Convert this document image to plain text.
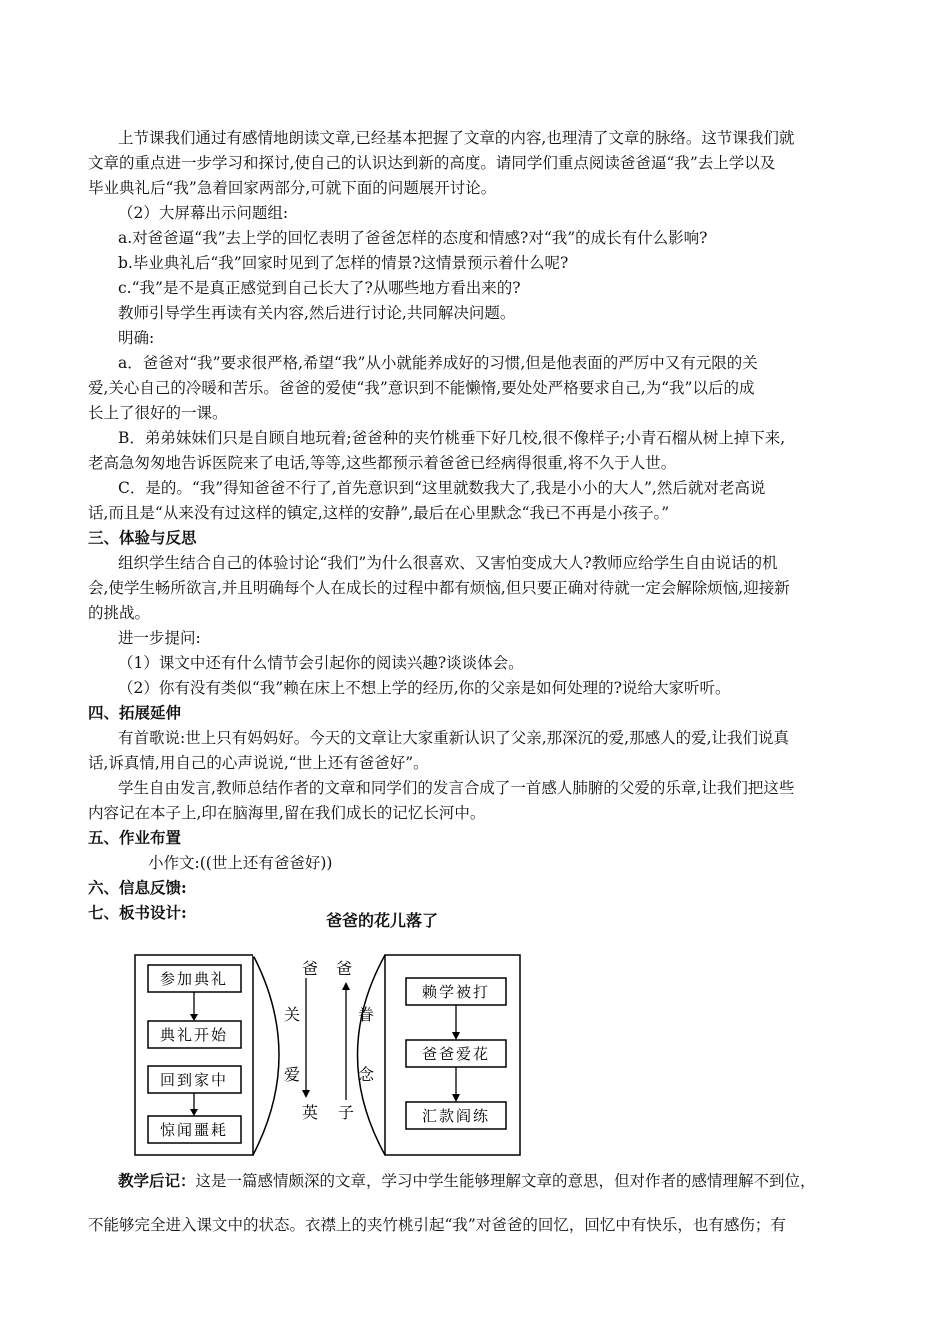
上节课我们通过有感情地朗读文章,已经基本把握了文章的内容,也理清了文章的脉络。这节课我们就
文章的重点进一步学习和探讨,使自己的认识达到新的高度。请同学们重点阅读爸爸逼“我”去上学以及
毕业典礼后“我”急着回家两部分,可就下面的问题展开讨论。
（2）大屏幕出示问题组:
a.对爸爸逼“我”去上学的回忆表明了爸爸怎样的态度和情感?对“我”的成长有什么影响?
b.毕业典礼后“我”回家时见到了怎样的情景?这情景预示着什么呢?
c.“我”是不是真正感觉到自己长大了?从哪些地方看出来的?
教师引导学生再读有关内容,然后进行讨论,共同解决问题。
明确:
a．爸爸对“我”要求很严格,希望“我”从小就能养成好的习惯,但是他表面的严厉中又有元限的关
爱,关心自己的冷暖和苦乐。爸爸的爱使“我”意识到不能懒惰,要处处严格要求自己,为“我”以后的成
长上了很好的一课。
B．弟弟妹妹们只是自顾自地玩着;爸爸种的夹竹桃垂下好几校,很不像样子;小青石榴从树上掉下来,
老高急匆匆地告诉医院来了电话,等等,这些都预示着爸爸已经病得很重,将不久于人世。
C．是的。“我”得知爸爸不行了,首先意识到“这里就数我大了,我是小小的大人”,然后就对老高说
话,而且是“从来没有过这样的镇定,这样的安静”,最后在心里默念“我已不再是小孩子。”
三、体验与反思
组织学生结合自己的体验讨论“我们”为什么很喜欢、又害怕变成大人?教师应给学生自由说话的机
会,使学生畅所欲言,并且明确每个人在成长的过程中都有烦恼,但只要正确对待就一定会解除烦恼,迎接新
的挑战。
进一步提问:
（1）课文中还有什么情节会引起你的阅读兴趣?谈谈体会。
（2）你有没有类似“我”赖在床上不想上学的经历,你的父亲是如何处理的?说给大家听听。
四、拓展延伸
有首歌说:世上只有妈妈好。今天的文章让大家重新认识了父亲,那深沉的爱,那感人的爱,让我们说真
话,诉真情,用自己的心声说说,“世上还有爸爸好”。
学生自由发言,教师总结作者的文章和同学们的发言合成了一首感人肺腑的父爱的乐章,让我们把这些
内容记在本子上,印在脑海里,留在我们成长的记忆长河中。
五、作业布置
小作文:((世上还有爸爸好))
六、信息反馈:
七、板书设计:	爸爸的花儿落了
参加典礼
典礼开始
回到家中
惊闻噩耗
赖学被打
爸爸爱花
汇款阎练
爸
关
爱
英
爸
眷
念
子
教学后记：这是一篇感情颇深的文章，学习中学生能够理解文章的意思，但对作者的感情理解不到位，
不能够完全进入课文中的状态。衣襟上的夹竹桃引起“我”对爸爸的回忆，回忆中有快乐，也有感伤；有
